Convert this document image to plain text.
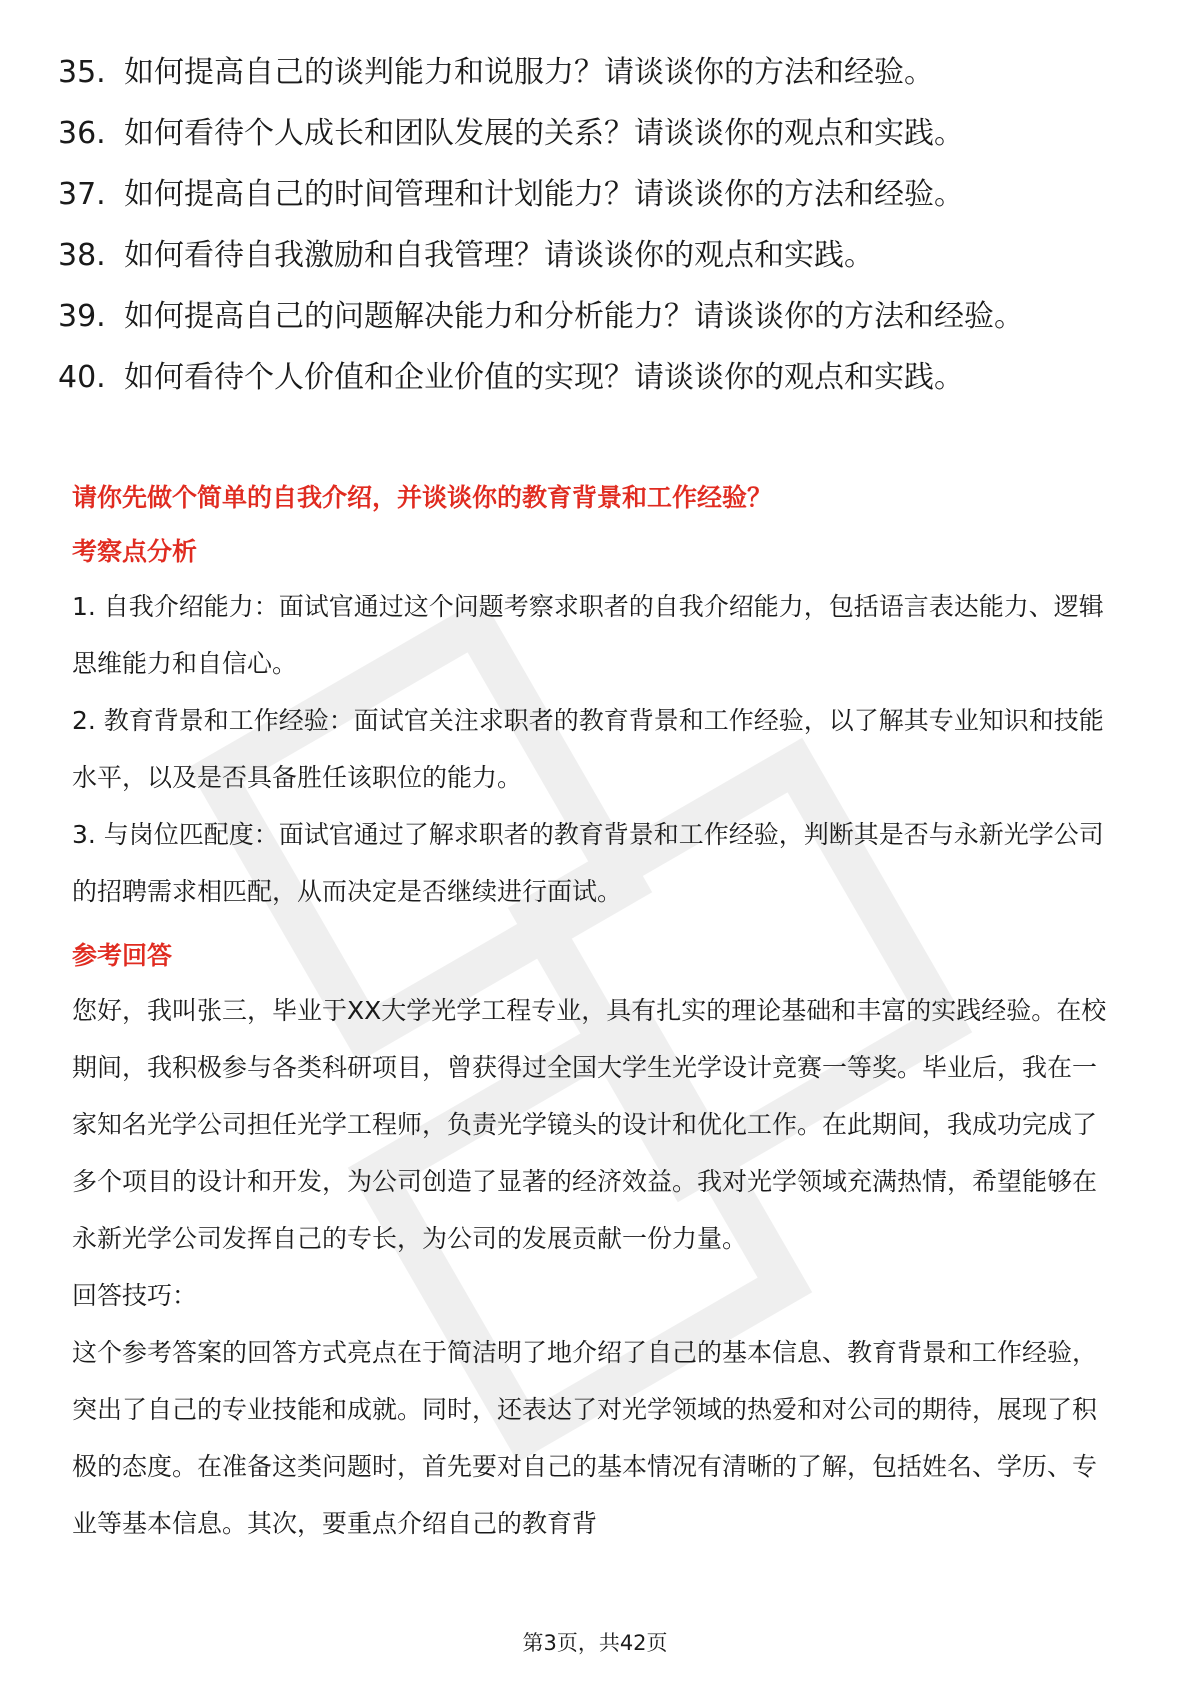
35. 如何提高自己的谈判能力和说服力？请谈谈你的方法和经验。
36. 如何看待个人成长和团队发展的关系？请谈谈你的观点和实践。
37. 如何提高自己的时间管理和计划能力？请谈谈你的方法和经验。
38. 如何看待自我激励和自我管理？请谈谈你的观点和实践。
39. 如何提高自己的问题解决能力和分析能力？请谈谈你的方法和经验。
40. 如何看待个人价值和企业价值的实现？请谈谈你的观点和实践。

请你先做个简单的自我介绍，并谈谈你的教育背景和工作经验？

考察点分析

1. 自我介绍能力：面试官通过这个问题考察求职者的自我介绍能力，包括语言表达能力、逻辑思维能力和自信心。

2. 教育背景和工作经验：面试官关注求职者的教育背景和工作经验，以了解其专业知识和技能水平，以及是否具备胜任该职位的能力。

3. 与岗位匹配度：面试官通过了解求职者的教育背景和工作经验，判断其是否与永新光学公司的招聘需求相匹配，从而决定是否继续进行面试。

参考回答

您好，我叫张三，毕业于XX大学光学工程专业，具有扎实的理论基础和丰富的实践经验。在校期间，我积极参与各类科研项目，曾获得过全国大学生光学设计竞赛一等奖。毕业后，我在一家知名光学公司担任光学工程师，负责光学镜头的设计和优化工作。在此期间，我成功完成了多个项目的设计和开发，为公司创造了显著的经济效益。我对光学领域充满热情，希望能够在永新光学公司发挥自己的专长，为公司的发展贡献一份力量。

回答技巧：

这个参考答案的回答方式亮点在于简洁明了地介绍了自己的基本信息、教育背景和工作经验，突出了自己的专业技能和成就。同时，还表达了对光学领域的热爱和对公司的期待，展现了积极的态度。在准备这类问题时，首先要对自己的基本情况有清晰的了解，包括姓名、学历、专业等基本信息。其次，要重点介绍自己的教育背

第3页，共42页
